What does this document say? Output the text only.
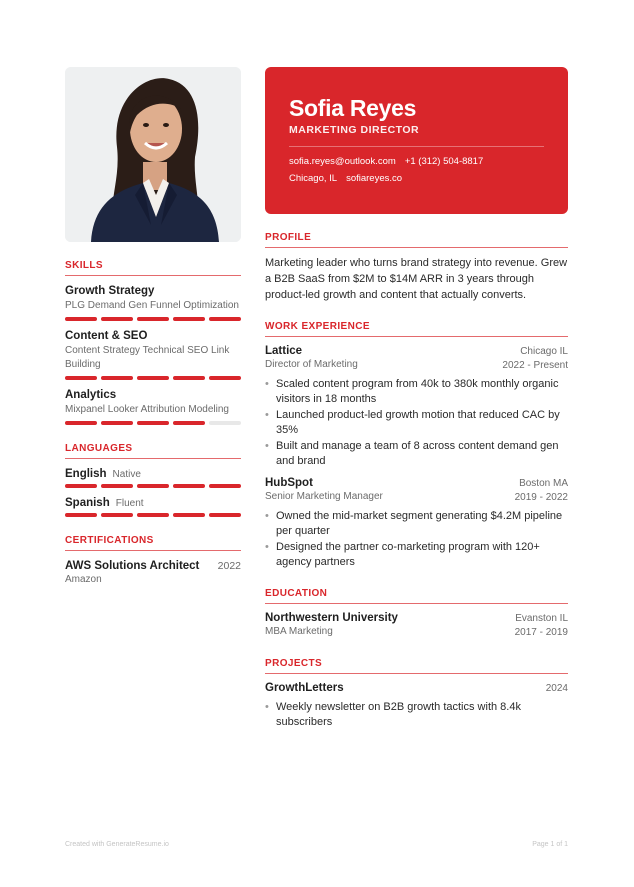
SKILLS
Growth Strategy
PLG Demand Gen Funnel Optimization
Content & SEO
Content Strategy Technical SEO Link Building
Analytics
Mixpanel Looker Attribution Modeling
LANGUAGES
English Native
Spanish Fluent
CERTIFICATIONS
AWS Solutions Architect 2022
Amazon
Sofia Reyes
MARKETING DIRECTOR
sofia.reyes@outlook.com +1 (312) 504-8817
Chicago, IL sofiareyes.co
PROFILE
Marketing leader who turns brand strategy into revenue. Grew a B2B SaaS from $2M to $14M ARR in 3 years through product-led growth and content that actually converts.
WORK EXPERIENCE
Lattice
Director of Marketing
Chicago IL
2022 - Present
• Scaled content program from 40k to 380k monthly organic visitors in 18 months
• Launched product-led growth motion that reduced CAC by 35%
• Built and manage a team of 8 across content demand gen and brand
HubSpot
Senior Marketing Manager
Boston MA
2019 - 2022
• Owned the mid-market segment generating $4.2M pipeline per quarter
• Designed the partner co-marketing program with 120+ agency partners
EDUCATION
Northwestern University
MBA Marketing
Evanston IL
2017 - 2019
PROJECTS
GrowthLetters	2024
• Weekly newsletter on B2B growth tactics with 8.4k subscribers
Created with GenerateResume.io	Page 1 of 1
